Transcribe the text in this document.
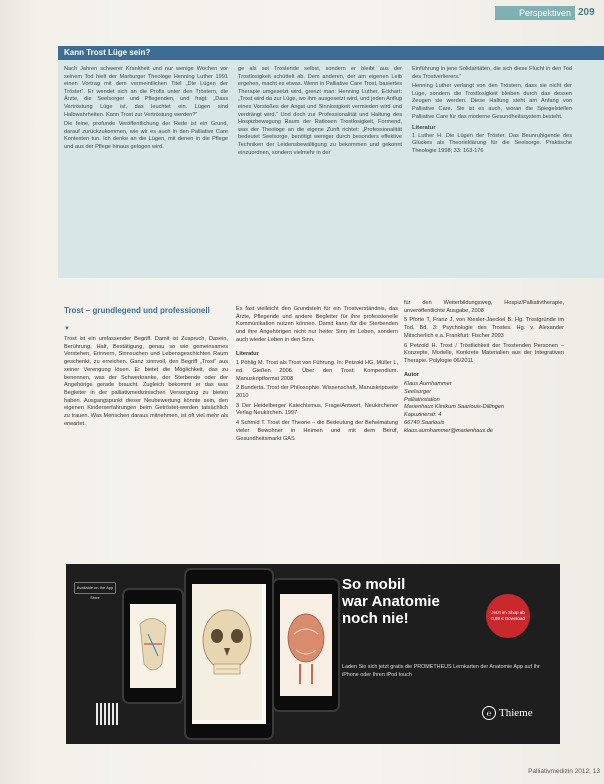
Perspektiven 209
Kann Trost Lüge sein?

Nach Jahren schwerer Krankheit und nur wenige Wochen vor seinem Tod hielt der Marburger Theologe Henning Luther 1991 einen Vortrag mit dem vermeintlichen Titel „Die Lügen der Tröster“. Er wendet sich an die Profis unter den Tröstern, die Ärzte, die Seelsorger und Pflegenden, und fragt: „Dass Vertröstung Lüge ist, das leuchtet ein. Lügen sind Halbwahrheiten. Kann Trost zur Vertröstung werden?“

Die feine, profunde Veröffentlichung der Rede ist ein Grund, darauf zurückzukommen, wie wir es auch in den Palliative Care Kontexten tun. Ich denke an die Lügen, mit denen in die Pflege und aus der Pflege hinaus gelogen wird.

ge als sei Trostende selbst, sondern er bleibt aus der Trostlosigkeit schüttelt ab. Dem anderen, der am eigenen Leib ergehen, macht es etwas. Wenn in Palliative Care Trost, basiertes Therapie umgesetzt wird, grenzt man: Henning Luther, Eckhart: „Trost wird da zur Lüge, wo ihm ausgesetzt wird, und jeden Anflug eines Vorstoßes der Angst und Sinnlosigkeit vermieden wird und verdrängt wird.“ Und doch zur Professionalität und Haltung des Hospizbewegung Raum der Ratlosen Trostlosigkeit, Formend, was der Theologe an die eigene Zunft richtet: „Professionalität bedeutet Seelsorge, benötigt weniger durch besonders effektive Techniken der Leidensbewältigung zu bekommen und gekonnt einzuordnen, sondern vielmehr in der

Einführung in jene Solidaritäten, die sich diese Flucht in den Tod des Trostverlierers.“

Henning Luther verlangt von den Tröstern, dass sie nicht der Lüge, sondern die Trostlosigkeit bleiben durch das dessen Zeugen sie werden. Diese Haltung steht am Anfang von Palliative Care. Sie ist es auch, woran die Spiegelstellen Palliative Care für das moderne Gesundheitssystem besteht.

Literatur

1 Luther H. Die Lügen der Tröster. Das Beunruhigende des Glückes als Theorieklärung für die Seelsorge. Praktische Theologie 1998; 33: 163-176

Trost – grundlegend und professionell
▼

Trost ist ein umfassender Begriff. Damit ist Zuspruch, Dasein, Berührung, Halt, Bestätigung, genau so wie gemeinsames Verstehen, Erinnern, Sinnsuchen und Lebensgeschichten Raum geschenkt, zu erreichen. Ganz sinnvoll, den Begriff „Trost“ aus seiner Verengung lösen. Er bietet die Möglichkeit, das zu benennen, was der Schwerkranke, der Sterbende oder der Angehörige gerade braucht. Zugleich bekommt er das was Begleiter in der palliativmedizinischen Versorgung zu bieten haben. Ausgangspunkt dieser Neubewertung könnte sein, den eigenen Kinderserfahrungen beim Getröstet-werden tatsächlich zu trauen. Was Menschen daraus mitnehmen, ist oft viel mehr als erwartet.

Es fast vielleicht den Grundstein für ein Trostverständnis, das Ärzte, Pflegende und andere Begleiter für ihre professionelle Kommunikation nutzen können. Damit kann für die Sterbenden und ihre Angehörigen nicht nur heiter Sinn im Leben, sondern auch wieder Leben in den Sinn.

Literatur
1 Pöhlig M. Trost als Trost von Führung. In: Petzold HG, Müller L, ed. Gießen 2006. Über den Trost: Kompendium. Manuskriptformat 2008
2 Bunderta. Trost der Philosophie. Wissenschaft, Manuskriptseite 2010
3 Der Heidelberger Katechismus, Frage/Antwort, Neukirchener Verlag Neukirchen. 1997
4 Schmid T. Trost der Theorie – die Bedeutung der Beheimatung vieler Bewohner in Heimen und mit dem Beruf, Gesundheitsmarkt GAS
für den Weiterbildungsweg, Hospiz/Palliativtherapie, unveröffentlichte Ausgabe, 2008
5 Pforte T, Franz J, von Kiesler-Jaeckel B. Hg. Trostgründe im Tod. Bd. 3: Psychologie des Trostes. Hg. v. Alexander Mitscherlich e.a. Frankfurt: Fischer 2003
6 Petzold H. Trost / Tröstlichkeit der Trostenden Personen – Konzepte, Modelle, Konkrete Materialien aus der Integrativen Therapie. Polylogie 06/2011
Autor
Klaus Aurnhammer
Seelsorger
Palliativstation
Marienhaus Klinikum Saarlouis-Dillingen
Kapuzinerstr. 4
66740 Saarlouis
klaus.aurnhammer@marienhaus.de
Available on the App Store
So mobil
war Anatomie
noch nie!	Jetzt im Shop ab 0,89 € Download
Laden Sie sich jetzt gratis die PROMETHEUS Lernkarten der Anatomie App auf Ihr iPhone oder Ihren iPod touch
℮ Thieme
Palliativmedizin 2012; 13
